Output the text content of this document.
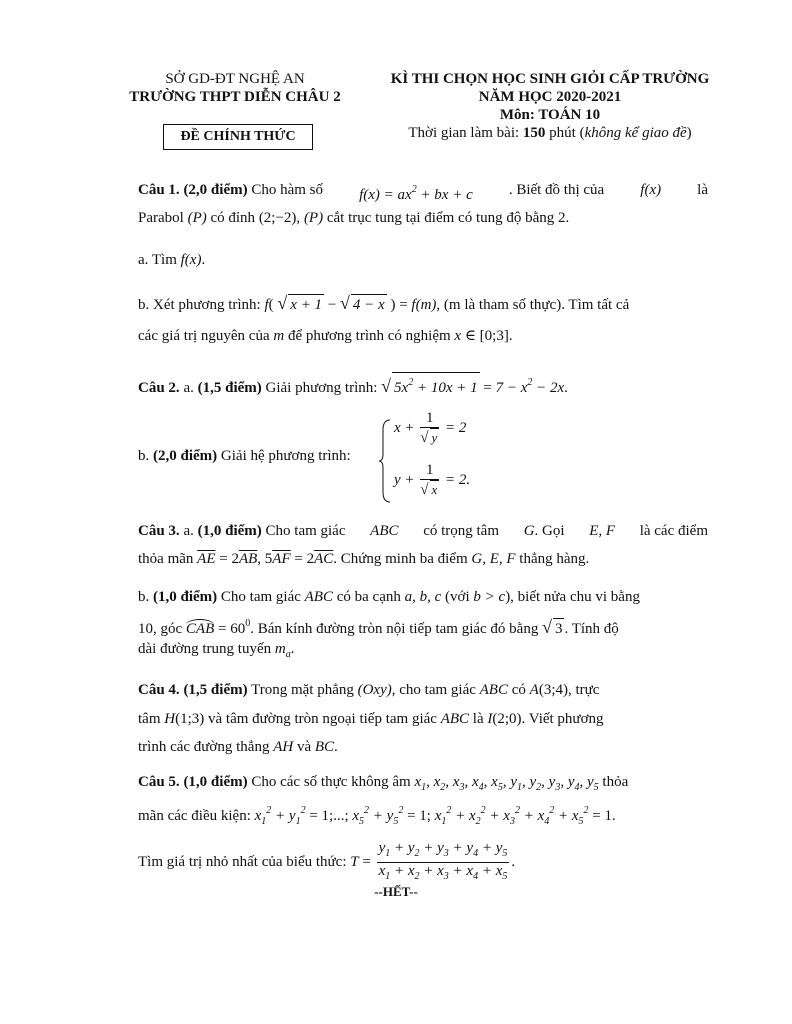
SỞ GD-ĐT NGHỆ AN
TRƯỜNG THPT DIỄN CHÂU 2
ĐỀ CHÍNH THỨC
KÌ THI CHỌN HỌC SINH GIỎI CẤP TRƯỜNG
NĂM HỌC 2020-2021
Môn: TOÁN 10
Thời gian làm bài: 150 phút (không kể giao đề)
Câu 1. (2,0 điểm) Cho hàm số $f(x) = ax^2$ + bx + c . Biết đồ thị của f(x) là
Parabol (P) có đỉnh (2;−2), (P) cắt trục tung tại điểm có tung độ bằng 2.
a. Tìm f(x).
b. Xét phương trình: f( √ x + 1 − √ 4 − x ) = f(m), (m là tham số thực). Tìm tất cả
các giá trị nguyên của m để phương trình có nghiệm x ∈ [0;3].
Câu 2. a. (1,5 điểm) Giải phương trình: √ $5x^2 + 10x + 1 = 7 - x^2 - 2x$.
b. (2,0 điểm) Giải hệ phương trình:
$x + \frac{1}{√ y} = 2$
$y + \frac{1}{√ x} = 2$.
Câu 3. a. (1,0 điểm) Cho tam giác ABC có trọng tâm G. Gọi E, F là các điểm
thỏa mãn $\overline{AE} = 2\overline{AB}$, $5\overline{AF} = 2\overline{AC}$. Chứng minh ba điểm G, E, F thẳng hàng.
b. (1,0 điểm) Cho tam giác ABC có ba cạnh a, b, c (với b > c), biết nửa chu vi bằng
10, góc CAB = $60^0$. Bán kính đường tròn nội tiếp tam giác đó bằng √ 3 . Tính độ
dài đường trung tuyến $m_a$.
Câu 4. (1,5 điểm) Trong mặt phẳng (Oxy), cho tam giác ABC có A(3;4), trực
tâm H(1;3) và tâm đường tròn ngoại tiếp tam giác ABC là I(2;0). Viết phương
trình các đường thẳng AH và BC.
Câu 5. (1,0 điểm) Cho các số thực không âm $x_1$, $x_2$, $x_3$, $x_4$, $x_5$, $y_1$, $y_2$, $y_3$, $y_4$, $y_5$ thỏa
mãn các điều kiện: $x_1^2 + y_1^2 = 1$;...; $x_5^2 + y_5^2 = 1$; $x_1^2 + x_2^2 + x_3^2 + x_4^2 + x_5^2 = 1$.
Tìm giá trị nhỏ nhất của biểu thức: $T = \frac{y_1 + y_2 + y_3 + y_4 + y_5}{x_1 + x_2 + x_3 + x_4 + x_5}$ .
--HẾT--
